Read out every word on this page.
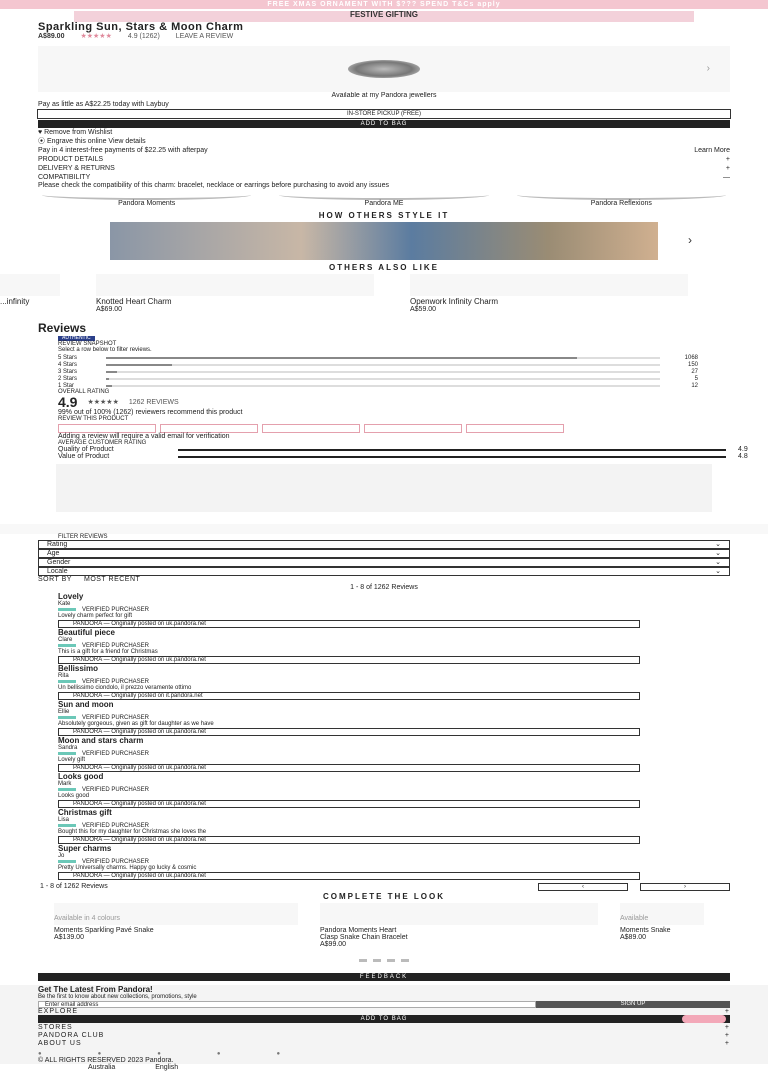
FREE XMAS ORNAMENT WITH $??? SPEND T&Cs apply
FESTIVE GIFTING
Sparkling Sun, Stars & Moon Charm
A$89.00 ★★★★★ 4.9 (1262) LEAVE A REVIEW
›
Available at my Pandora jewellers
Pay as little as A$22.25 today with Laybuy
IN-STORE PICKUP (FREE)
ADD TO BAG
♥ Remove from Wishlist
⦿ Engrave this online View details
Pay in 4 interest-free payments of $22.25 with afterpay	Learn More
PRODUCT DETAILS	+
DELIVERY & RETURNS	+
COMPATIBILITY	—
Please check the compatibility of this charm: bracelet, necklace or earrings before purchasing to avoid any issues
Pandora Moments	Pandora ME	Pandora Reflexions
HOW OTHERS STYLE IT
›
OTHERS ALSO LIKE
...infinity	Knotted Heart Charm
A$69.00
Openwork Infinity Charm
A$59.00
Reviews
AUTHENTIC
REVIEW SNAPSHOT
Select a row below to filter reviews.
5 Stars	1068
4 Stars	150
3 Stars	27
2 Stars	5
1 Star	12
OVERALL RATING
4.9 ★★★★★ 1262 REVIEWS
99% out of 100% (1262) reviewers recommend this product
REVIEW THIS PRODUCT
Adding a review will require a valid email for verification
AVERAGE CUSTOMER RATING
Quality of Product	4.9
Value of Product	4.8
FILTER REVIEWS
Rating	⌄
Age	⌄
Gender	⌄
Locale	⌄
SORT BY MOST RECENT
1 - 8 of 1262 Reviews
Lovely
Kate
VERIFIED PURCHASER
Lovely charm perfect for gift
PANDORA — Originally posted on uk.pandora.net
Beautiful piece
Clare
VERIFIED PURCHASER
This is a gift for a friend for Christmas
PANDORA — Originally posted on uk.pandora.net
Bellissimo
Rita
VERIFIED PURCHASER
Un bellissimo ciondolo, il prezzo veramente ottimo
PANDORA — Originally posted on it.pandora.net
Sun and moon
Ellie
VERIFIED PURCHASER
Absolutely gorgeous, given as gift for daughter as we have
PANDORA — Originally posted on uk.pandora.net
Moon and stars charm
Sandra
VERIFIED PURCHASER
Lovely gift
PANDORA — Originally posted on uk.pandora.net
Looks good
Mark
VERIFIED PURCHASER
Looks good
PANDORA — Originally posted on uk.pandora.net
Christmas gift
Lisa
VERIFIED PURCHASER
Bought this for my daughter for Christmas she loves the
PANDORA — Originally posted on uk.pandora.net
Super charms
Jo
VERIFIED PURCHASER
Pretty Universally charms. Happy go lucky & cosmic
PANDORA — Originally posted on uk.pandora.net
1 - 8 of 1262 Reviews	‹	›
COMPLETE THE LOOK
Available in 4 colours
Moments Sparkling Pavé Snake
A$139.00
Pandora Moments Heart
Clasp Snake Chain Bracelet
A$99.00
Available
Moments Snake
A$89.00
FEEDBACK
Get The Latest From Pandora!
Be the first to know about new collections, promotions, style
Enter email address	SIGN UP
EXPLORE	+
STORES	+
PANDORA CLUB	+
ABOUT US	+
●	●	●	●	●
© ALL RIGHTS RESERVED 2023 Pandora.
Australia	English
ADD TO BAG
